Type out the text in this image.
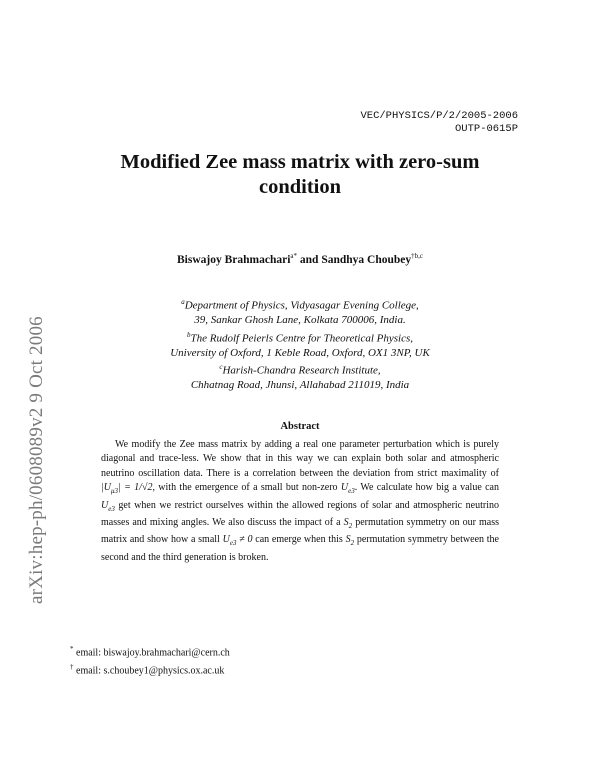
arXiv:hep-ph/0608089v2 9 Oct 2006
VEC/PHYSICS/P/2/2005-2006
OUTP-0615P
Modified Zee mass matrix with zero-sum
condition
Biswajoy Brahmachari$^{a*}$ and Sandhya Choubey$^{\dagger b,c}$
$^a$Department of Physics, Vidyasagar Evening College,
39, Sankar Ghosh Lane, Kolkata 700006, India.
$^b$The Rudolf Peierls Centre for Theoretical Physics,
University of Oxford, 1 Keble Road, Oxford, OX1 3NP, UK
$^c$Harish-Chandra Research Institute,
Chhatnag Road, Jhunsi, Allahabad 211019, India
Abstract
We modify the Zee mass matrix by adding a real one parameter perturbation which is purely diagonal and trace-less. We show that in this way we can explain both solar and atmospheric neutrino oscillation data. There is a correlation between the deviation from strict maximality of $|U_{\mu 3}| = 1/√2$, with the emergence of a small but non-zero $U_{e3}$. We calculate how big a value can $U_{e3}$ get when we restrict ourselves within the allowed regions of solar and atmospheric neutrino masses and mixing angles. We also discuss the impact of a $S_2$ permutation symmetry on our mass matrix and show how a small $U_{e3} \ne 0$ can emerge when this $S_2$ permutation symmetry between the second and the third generation is broken.
* email: biswajoy.brahmachari@cern.ch
† email: s.choubey1@physics.ox.ac.uk
